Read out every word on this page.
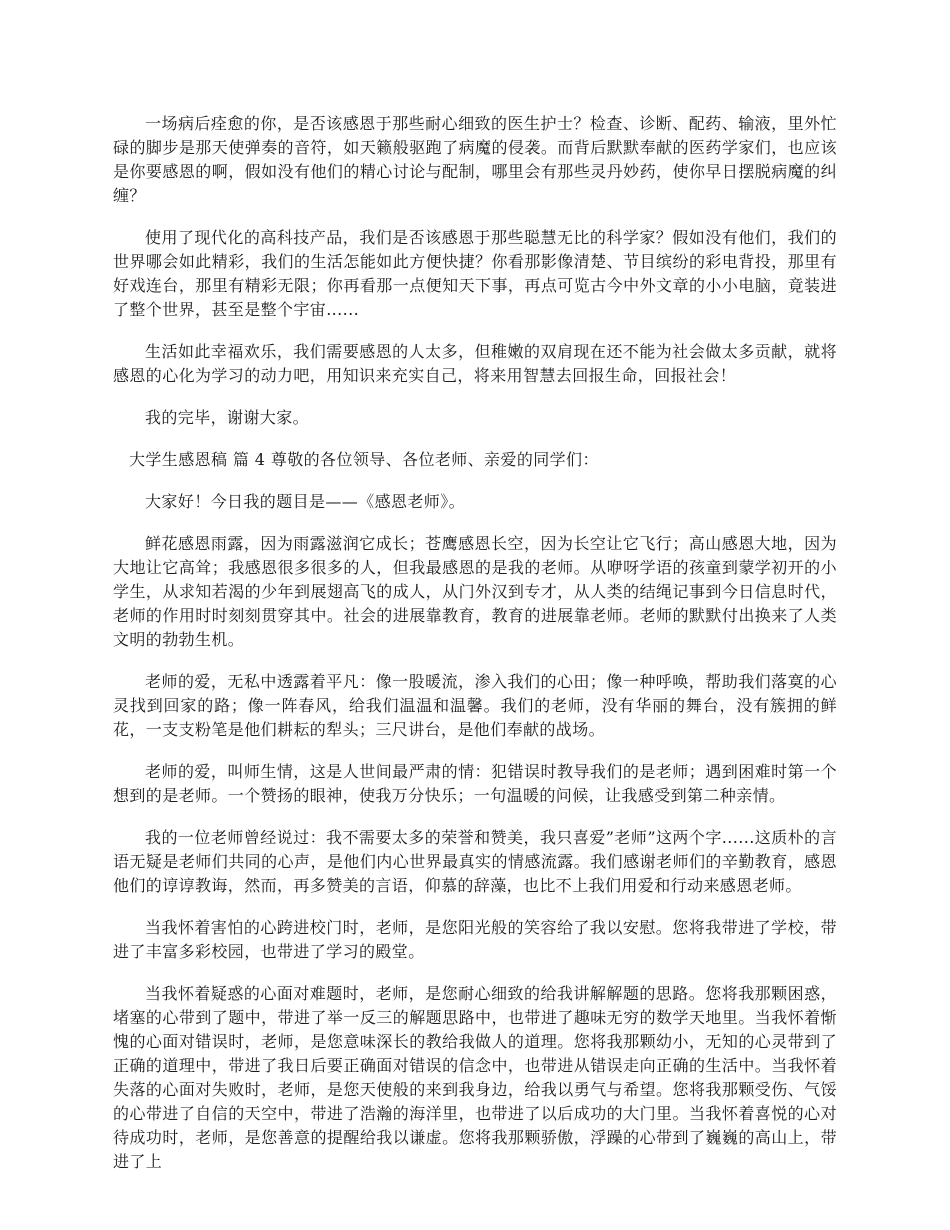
一场病后痊愈的你，是否该感恩于那些耐心细致的医生护士？检查、诊断、配药、输液，里外忙碌的脚步是那天使弹奏的音符，如天籁般驱跑了病魔的侵袭。而背后默默奉献的医药学家们，也应该是你要感恩的啊，假如没有他们的精心讨论与配制，哪里会有那些灵丹妙药，使你早日摆脱病魔的纠缠？

使用了现代化的高科技产品，我们是否该感恩于那些聪慧无比的科学家？假如没有他们，我们的世界哪会如此精彩，我们的生活怎能如此方便快捷？你看那影像清楚、节目缤纷的彩电背投，那里有好戏连台，那里有精彩无限；你再看那一点便知天下事，再点可览古今中外文章的小小电脑，竟装进了整个世界，甚至是整个宇宙......

生活如此幸福欢乐，我们需要感恩的人太多，但稚嫩的双肩现在还不能为社会做太多贡献，就将感恩的心化为学习的动力吧，用知识来充实自己，将来用智慧去回报生命，回报社会！

我的完毕，谢谢大家。

大学生感恩稿 篇 4 尊敬的各位领导、各位老师、亲爱的同学们：

大家好！今日我的题目是——《感恩老师》。

鲜花感恩雨露，因为雨露滋润它成长；苍鹰感恩长空，因为长空让它飞行；高山感恩大地，因为大地让它高耸；我感恩很多很多的人，但我最感恩的是我的老师。从咿呀学语的孩童到蒙学初开的小学生，从求知若渴的少年到展翅高飞的成人，从门外汉到专才，从人类的结绳记事到今日信息时代，老师的作用时时刻刻贯穿其中。社会的进展靠教育，教育的进展靠老师。老师的默默付出换来了人类文明的勃勃生机。

老师的爱，无私中透露着平凡：像一股暖流，渗入我们的心田；像一种呼唤，帮助我们落寞的心灵找到回家的路；像一阵春风，给我们温温和温馨。我们的老师，没有华丽的舞台，没有簇拥的鲜花，一支支粉笔是他们耕耘的犁头；三尺讲台，是他们奉献的战场。

老师的爱，叫师生情，这是人世间最严肃的情：犯错误时教导我们的是老师；遇到困难时第一个想到的是老师。一个赞扬的眼神，使我万分快乐；一句温暖的问候，让我感受到第二种亲情。

我的一位老师曾经说过：我不需要太多的荣誉和赞美，我只喜爱”老师”这两个字......这质朴的言语无疑是老师们共同的心声，是他们内心世界最真实的情感流露。我们感谢老师们的辛勤教育，感恩他们的谆谆教诲，然而，再多赞美的言语，仰慕的辞藻，也比不上我们用爱和行动来感恩老师。

当我怀着害怕的心跨进校门时，老师，是您阳光般的笑容给了我以安慰。您将我带进了学校，带进了丰富多彩校园，也带进了学习的殿堂。

当我怀着疑惑的心面对难题时，老师，是您耐心细致的给我讲解解题的思路。您将我那颗困惑，堵塞的心带到了题中，带进了举一反三的解题思路中，也带进了趣味无穷的数学天地里。当我怀着惭愧的心面对错误时，老师，是您意味深长的教给我做人的道理。您将我那颗幼小，无知的心灵带到了正确的道理中，带进了我日后要正确面对错误的信念中，也带进从错误走向正确的生活中。当我怀着失落的心面对失败时，老师，是您天使般的来到我身边，给我以勇气与希望。您将我那颗受伤、气馁的心带进了自信的天空中，带进了浩瀚的海洋里，也带进了以后成功的大门里。当我怀着喜悦的心对待成功时，老师，是您善意的提醒给我以谦虚。您将我那颗骄傲，浮躁的心带到了巍巍的高山上，带进了上
